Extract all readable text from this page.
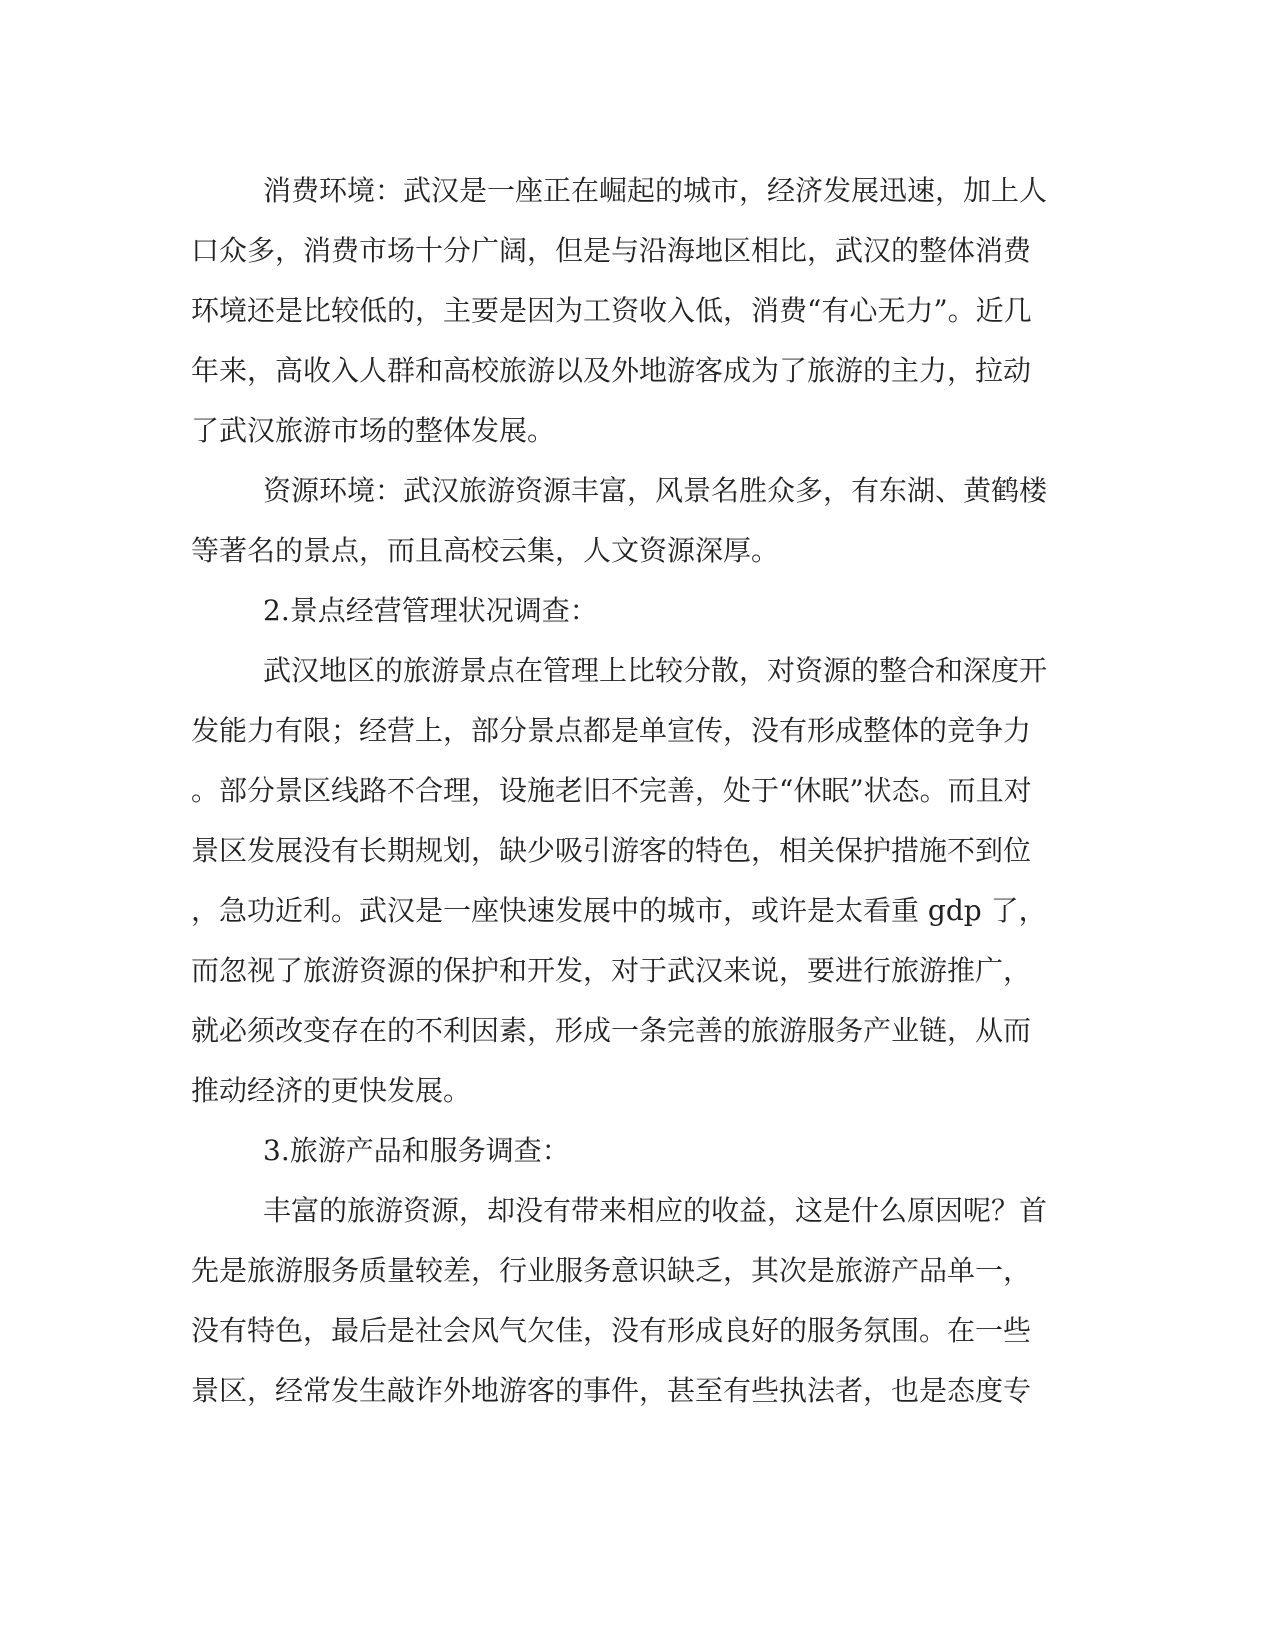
消费环境：武汉是一座正在崛起的城市，经济发展迅速，加上人
口众多，消费市场十分广阔，但是与沿海地区相比，武汉的整体消费
环境还是比较低的，主要是因为工资收入低，消费“有心无力”。近几
年来，高收入人群和高校旅游以及外地游客成为了旅游的主力，拉动
了武汉旅游市场的整体发展。
资源环境：武汉旅游资源丰富，风景名胜众多，有东湖、黄鹤楼
等著名的景点，而且高校云集，人文资源深厚。
2.景点经营管理状况调查：
武汉地区的旅游景点在管理上比较分散，对资源的整合和深度开
发能力有限；经营上，部分景点都是单宣传，没有形成整体的竞争力
。部分景区线路不合理，设施老旧不完善，处于“休眠”状态。而且对
景区发展没有长期规划，缺少吸引游客的特色，相关保护措施不到位
，急功近利。武汉是一座快速发展中的城市，或许是太看重 gdp 了，
而忽视了旅游资源的保护和开发，对于武汉来说，要进行旅游推广，
就必须改变存在的不利因素，形成一条完善的旅游服务产业链，从而
推动经济的更快发展。
3.旅游产品和服务调查：
丰富的旅游资源，却没有带来相应的收益，这是什么原因呢？首
先是旅游服务质量较差，行业服务意识缺乏，其次是旅游产品单一，
没有特色，最后是社会风气欠佳，没有形成良好的服务氛围。在一些
景区，经常发生敲诈外地游客的事件，甚至有些执法者，也是态度专
